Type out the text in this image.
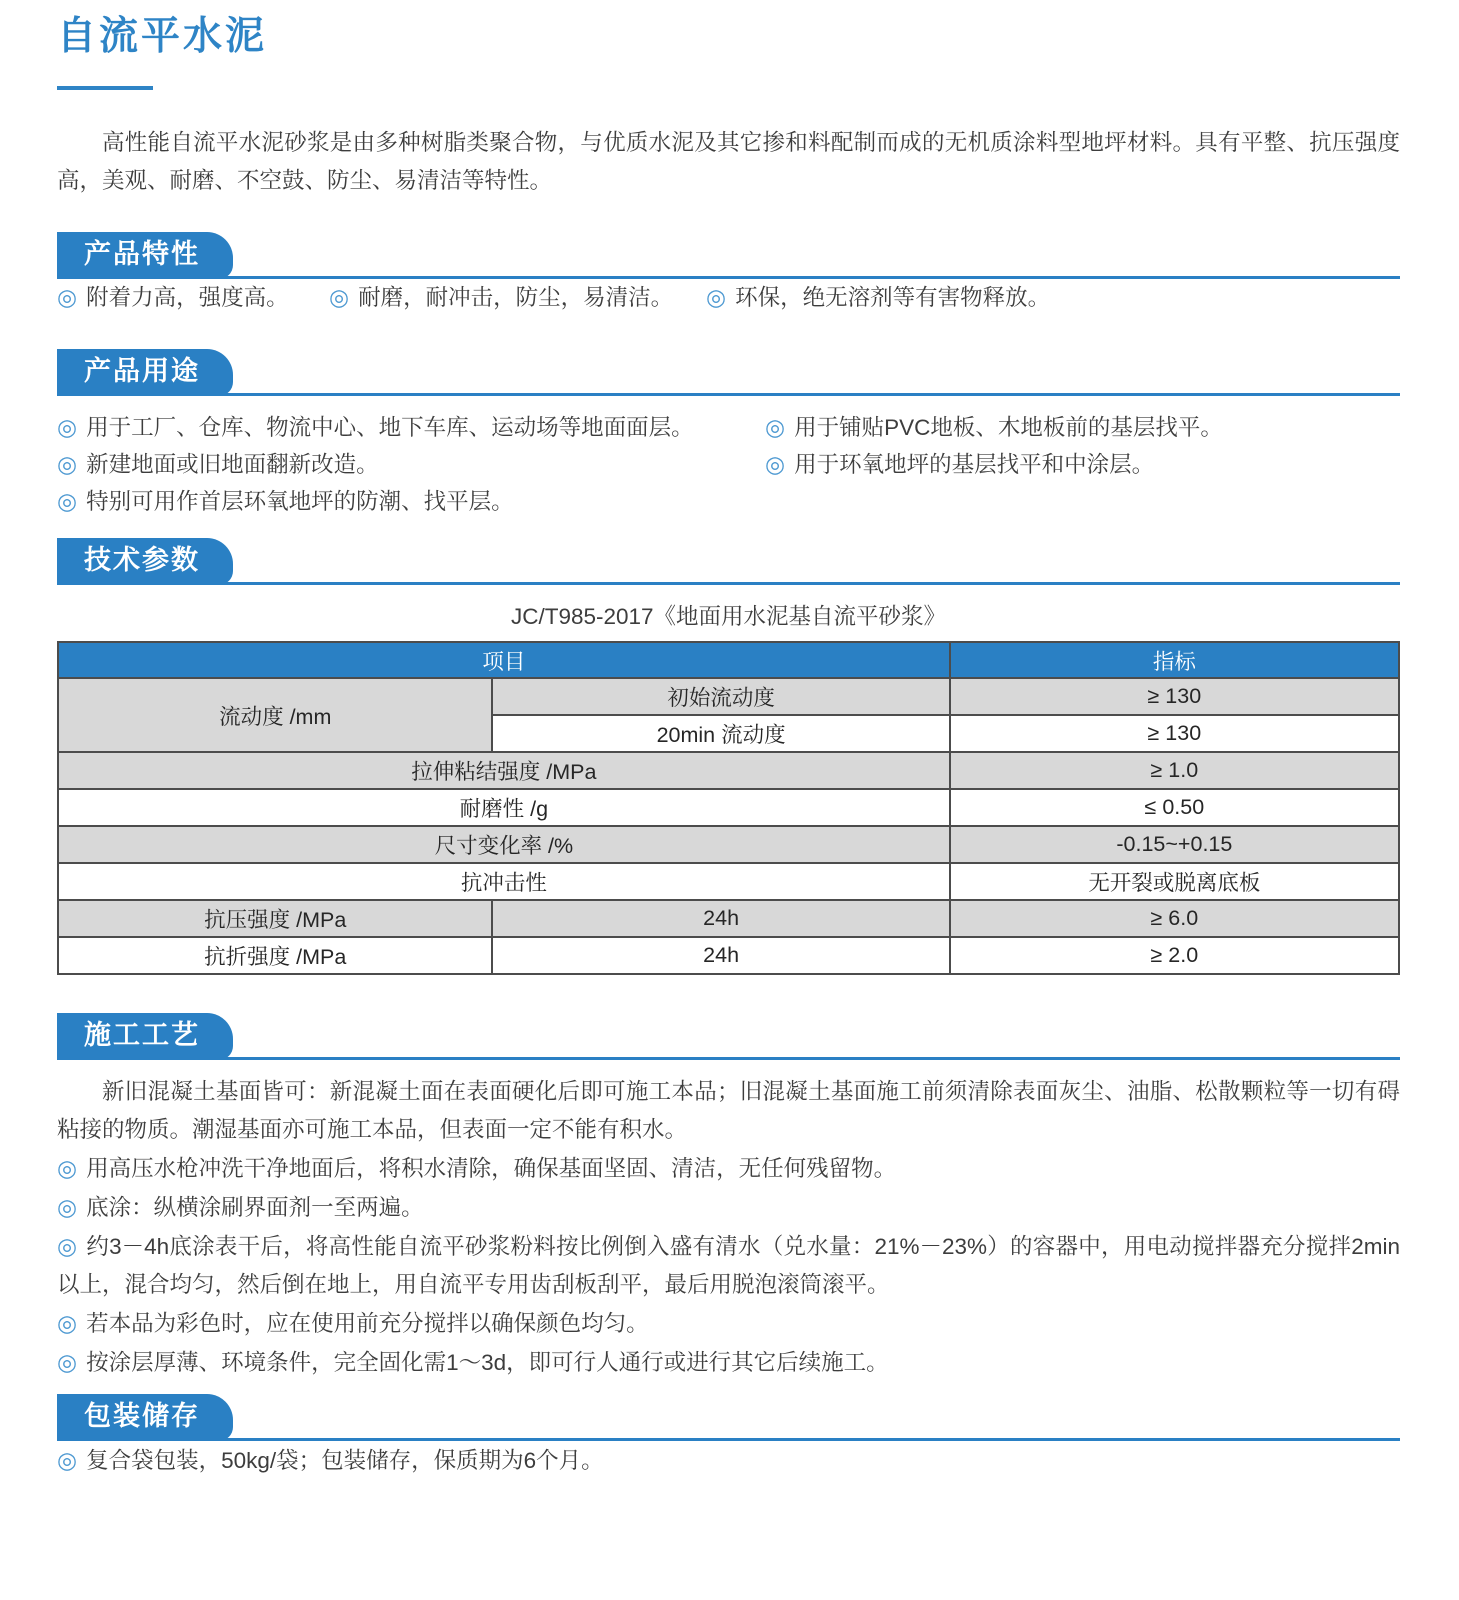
自流平水泥

高性能自流平水泥砂浆是由多种树脂类聚合物，与优质水泥及其它掺和料配制而成的无机质涂料型地坪材料。具有平整、抗压强度高，美观、耐磨、不空鼓、防尘、易清洁等特性。

产品特性
◎ 附着力高，强度高。	◎ 耐磨，耐冲击，防尘，易清洁。	◎ 环保，绝无溶剂等有害物释放。
产品用途
◎ 用于工厂、仓库、物流中心、地下车库、运动场等地面面层。
◎ 新建地面或旧地面翻新改造。
◎ 特别可用作首层环氧地坪的防潮、找平层。
◎ 用于铺贴PVC地板、木地板前的基层找平。
◎ 用于环氧地坪的基层找平和中涂层。
技术参数

JC/T985-2017《地面用水泥基自流平砂浆》

项目		指标
流动度 /mm	初始流动度	≥ 130
	20min 流动度	≥ 130
拉伸粘结强度 /MPa		≥ 1.0
耐磨性 /g		≤ 0.50
尺寸变化率 /%		-0.15~+0.15
抗冲击性		无开裂或脱离底板
抗压强度 /MPa	24h	≥ 6.0
抗折强度 /MPa	24h	≥ 2.0
施工工艺

新旧混凝土基面皆可：新混凝土面在表面硬化后即可施工本品；旧混凝土基面施工前须清除表面灰尘、油脂、松散颗粒等一切有碍粘接的物质。潮湿基面亦可施工本品，但表面一定不能有积水。

◎ 用高压水枪冲洗干净地面后，将积水清除，确保基面坚固、清洁，无任何残留物。
◎ 底涂：纵横涂刷界面剂一至两遍。
◎ 约3－4h底涂表干后，将高性能自流平砂浆粉料按比例倒入盛有清水（兑水量：21%－23%）的容器中，用电动搅拌器充分搅拌2min以上，混合均匀，然后倒在地上，用自流平专用齿刮板刮平，最后用脱泡滚筒滚平。
◎ 若本品为彩色时，应在使用前充分搅拌以确保颜色均匀。
◎ 按涂层厚薄、环境条件，完全固化需1～3d，即可行人通行或进行其它后续施工。
包装储存
◎ 复合袋包装，50kg/袋；包装储存，保质期为6个月。
